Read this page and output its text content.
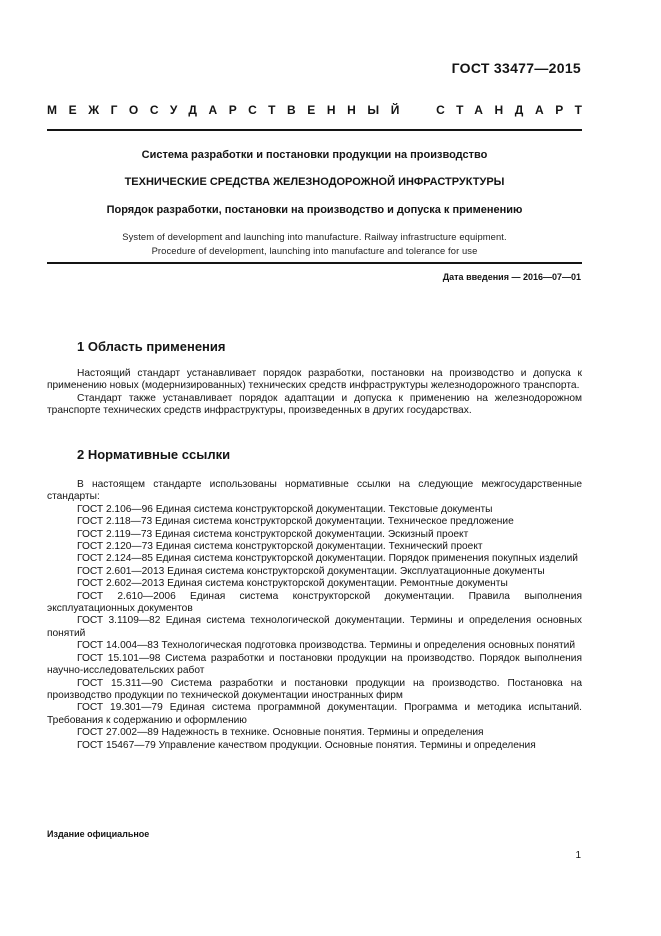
ГОСТ 33477—2015
МЕЖГОСУДАРСТВЕННЫЙ СТАНДАРТ
Система разработки и постановки продукции на производство
ТЕХНИЧЕСКИЕ СРЕДСТВА ЖЕЛЕЗНОДОРОЖНОЙ ИНФРАСТРУКТУРЫ
Порядок разработки, постановки на производство и допуска к применению
System of development and launching into manufacture. Railway infrastructure equipment.
Procedure of development, launching into manufacture and tolerance for use
Дата введения — 2016—07—01
1 Область применения

Настоящий стандарт устанавливает порядок разработки, постановки на производство и допуска к применению новых (модернизированных) технических средств инфраструктуры железнодорожного транспорта.

Стандарт также устанавливает порядок адаптации и допуска к применению на железнодорожном транспорте технических средств инфраструктуры, произведенных в других государствах.

2 Нормативные ссылки

В настоящем стандарте использованы нормативные ссылки на следующие межгосударственные стандарты:

ГОСТ 2.106—96 Единая система конструкторской документации. Текстовые документы

ГОСТ 2.118—73 Единая система конструкторской документации. Техническое предложение

ГОСТ 2.119—73 Единая система конструкторской документации. Эскизный проект

ГОСТ 2.120—73 Единая система конструкторской документации. Технический проект

ГОСТ 2.124—85 Единая система конструкторской документации. Порядок применения покупных изделий

ГОСТ 2.601—2013 Единая система конструкторской документации. Эксплуатационные документы

ГОСТ 2.602—2013 Единая система конструкторской документации. Ремонтные документы

ГОСТ 2.610—2006 Единая система конструкторской документации. Правила выполнения эксплуатационных документов

ГОСТ 3.1109—82 Единая система технологической документации. Термины и определения основных понятий

ГОСТ 14.004—83 Технологическая подготовка производства. Термины и определения основных понятий

ГОСТ 15.101—98 Система разработки и постановки продукции на производство. Порядок выполнения научно-исследовательских работ

ГОСТ 15.311—90 Система разработки и постановки продукции на производство. Постановка на производство продукции по технической документации иностранных фирм

ГОСТ 19.301—79 Единая система программной документации. Программа и методика испытаний. Требования к содержанию и оформлению

ГОСТ 27.002—89 Надежность в технике. Основные понятия. Термины и определения

ГОСТ 15467—79 Управление качеством продукции. Основные понятия. Термины и определения

Издание официальное
1
